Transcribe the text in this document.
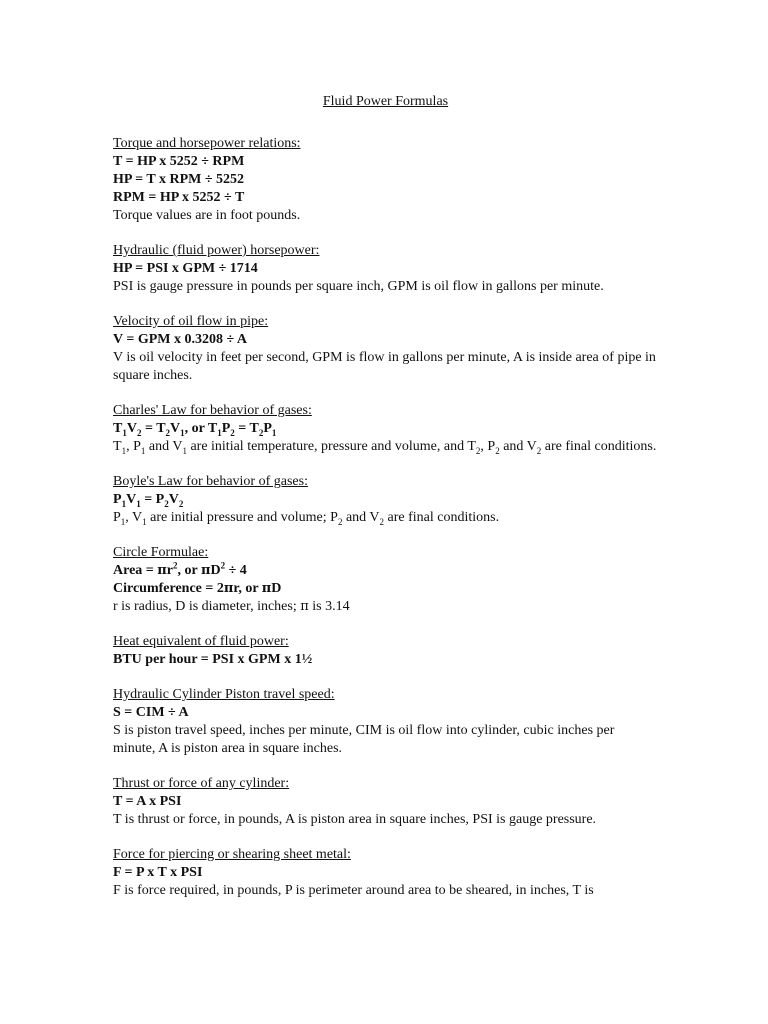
Fluid Power Formulas
Torque and horsepower relations:
T = HP x 5252 ÷ RPM
HP = T x RPM ÷ 5252
RPM = HP x 5252 ÷ T
Torque values are in foot pounds.
Hydraulic (fluid power) horsepower:
HP = PSI x GPM ÷ 1714
PSI is gauge pressure in pounds per square inch, GPM is oil flow in gallons per minute.
Velocity of oil flow in pipe:
V = GPM x 0.3208 ÷ A
V is oil velocity in feet per second, GPM is flow in gallons per minute, A is inside area of pipe in square inches.
Charles' Law for behavior of gases:
$T_1V_2 = T_2V_1$, or $T_1P_2 = T_2P_1$
$T_1$, $P_1$ and $V_1$ are initial temperature, pressure and volume, and $T_2$, $P_2$ and $V_2$ are final conditions.
Boyle's Law for behavior of gases:
$P_1V_1 = P_2V_2$
$P_1$, $V_1$ are initial pressure and volume; $P_2$ and $V_2$ are final conditions.
Circle Formulae:
Area = $\pi r^2$, or $\pi D^2 \div 4$
Circumference = 2πr, or πD
r is radius, D is diameter, inches; π is 3.14
Heat equivalent of fluid power:
BTU per hour = PSI x GPM x 1½
Hydraulic Cylinder Piston travel speed:
S = CIM ÷ A
S is piston travel speed, inches per minute, CIM is oil flow into cylinder, cubic inches per minute, A is piston area in square inches.
Thrust or force of any cylinder:
T = A x PSI
T is thrust or force, in pounds, A is piston area in square inches, PSI is gauge pressure.
Force for piercing or shearing sheet metal:
F = P x T x PSI
F is force required, in pounds, P is perimeter around area to be sheared, in inches, T is
